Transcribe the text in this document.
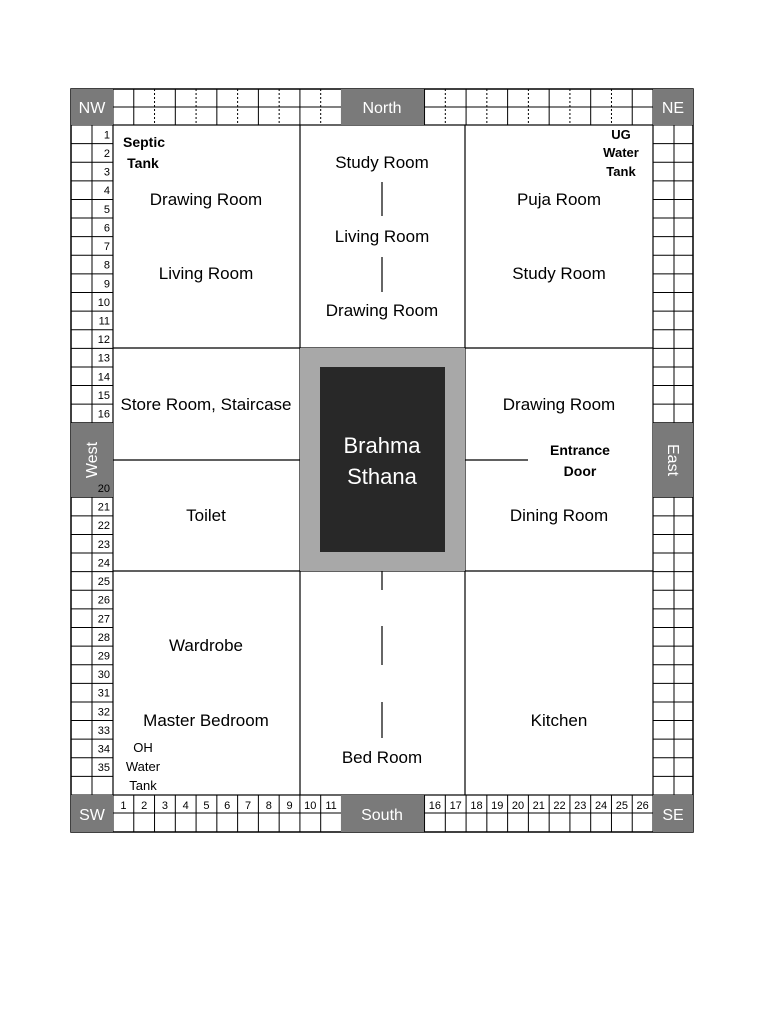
Brahma
Sthana
NW	NE
SW	SE
North
South
West	East
1
2
3
4
5
6
7
8
9
10
11
12
13
14
15
16
20
21
22
23
24
25
26
27
28
29
30
31
32
33
34
35
1 2 3 4 5 6 7 8 9 10 11	16 17 18 19 20 21 22 23 24 25 26
Septic
Tank
Drawing Room
Living Room
Study Room
Living Room
Drawing Room
UG
Water
Tank
Puja Room
Study Room
Store Room, Staircase
Toilet
Drawing Room
Entrance
Door
Dining Room
Wardrobe
Master Bedroom
OH
Water
Tank
Bed Room
Kitchen
